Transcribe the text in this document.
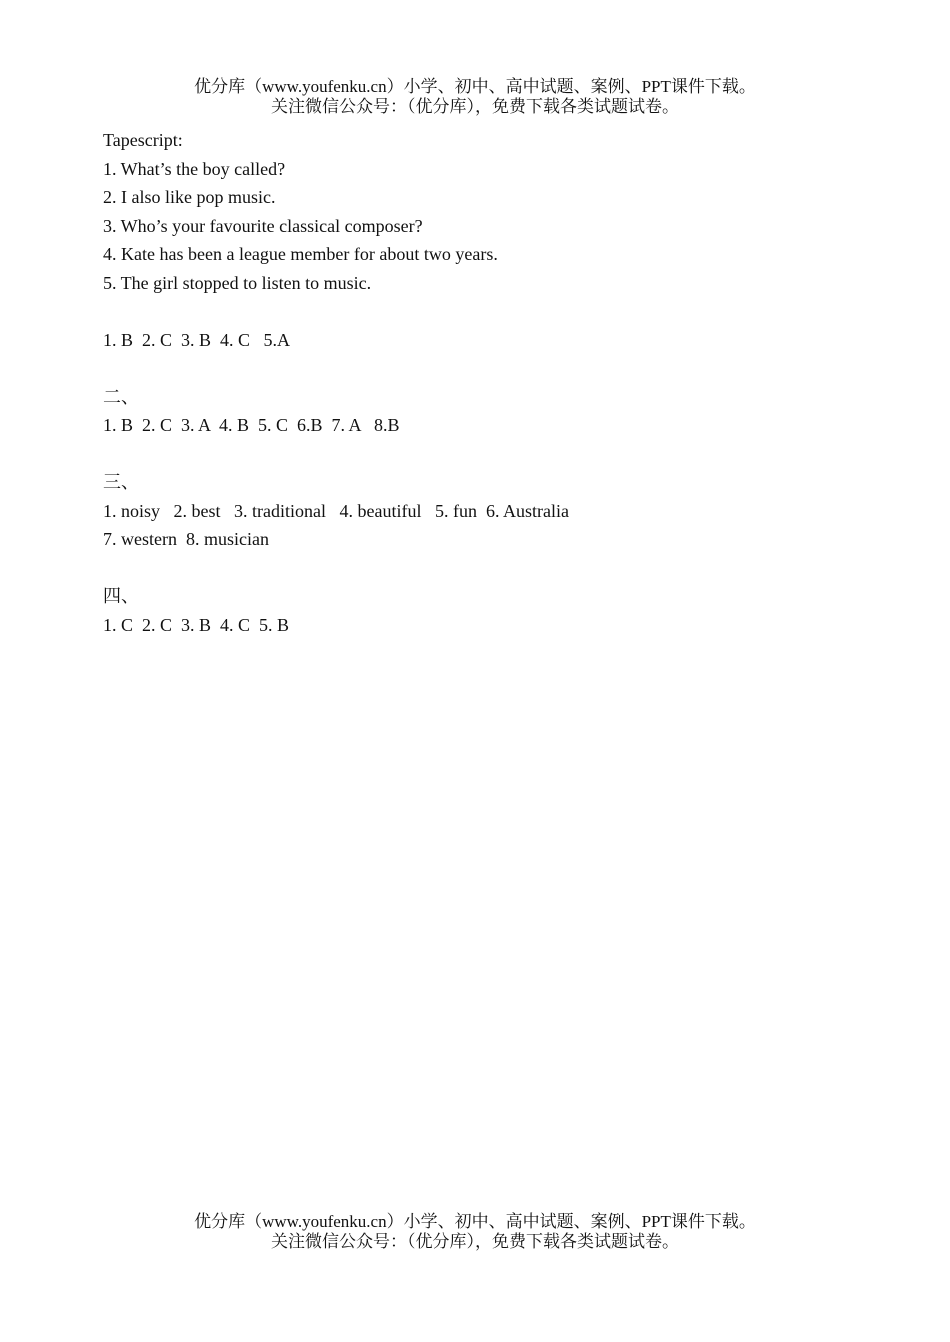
优分库（www.youfenku.cn）小学、初中、高中试题、案例、PPT课件下载。
关注微信公众号：（优分库），免费下载各类试题试卷。
Tapescript:
1. What’s the boy called?
2. I also like pop music.
3. Who’s your favourite classical composer?
4. Kate has been a league member for about two years.
5. The girl stopped to listen to music.
1. B  2. C  3. B  4. C   5.A
二、
1. B  2. C  3. A  4. B  5. C  6.B  7. A   8.B
三、
1. noisy   2. best   3. traditional   4. beautiful   5. fun  6. Australia
7. western  8. musician
四、
1. C  2. C  3. B  4. C  5. B
优分库（www.youfenku.cn）小学、初中、高中试题、案例、PPT课件下载。
关注微信公众号：（优分库），免费下载各类试题试卷。
